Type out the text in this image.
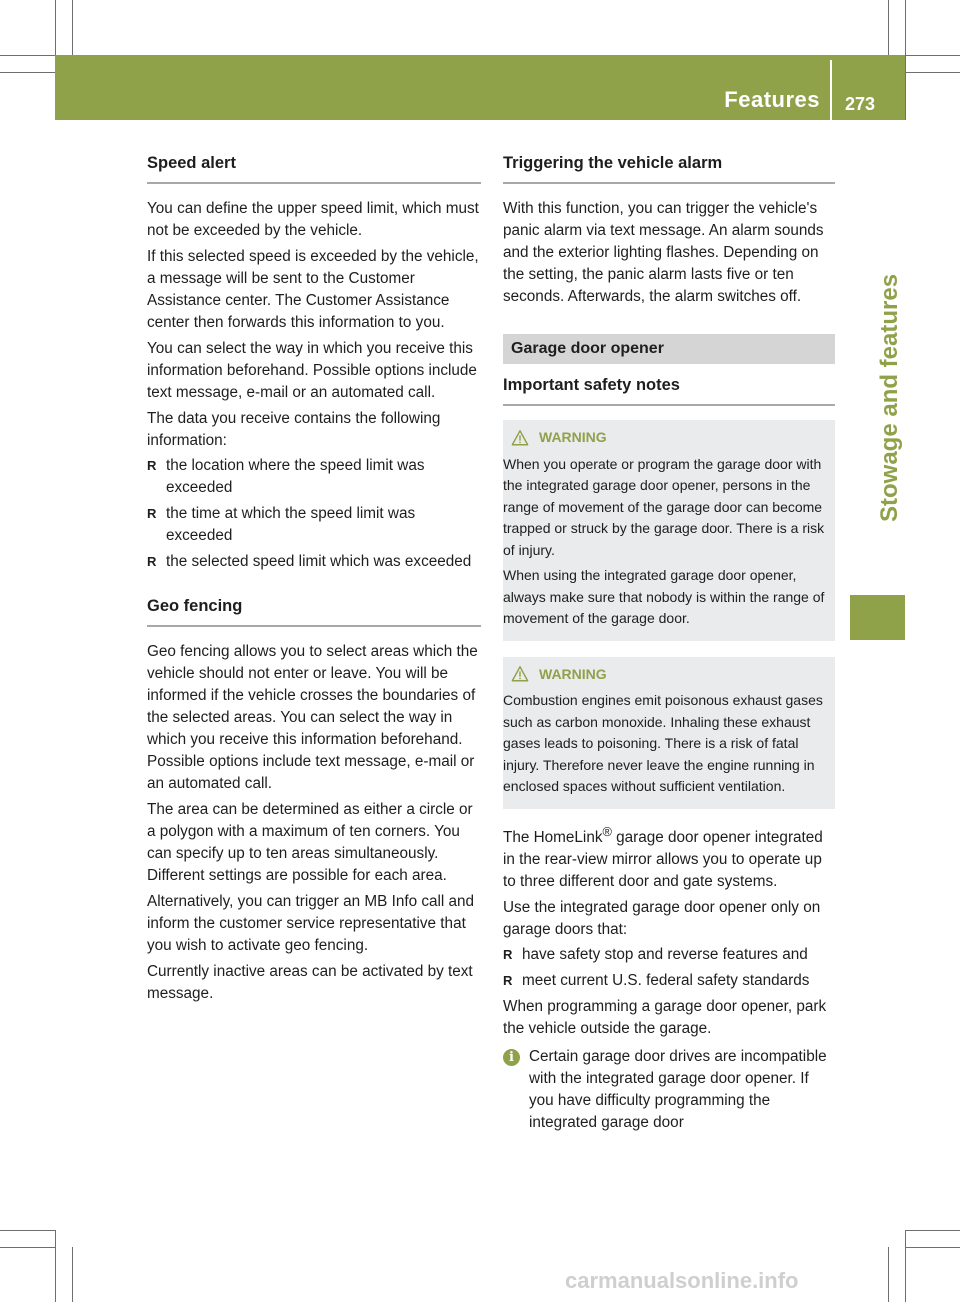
Features 273
Stowage and features
Speed alert

You can define the upper speed limit, which must not be exceeded by the vehicle.

If this selected speed is exceeded by the vehicle, a message will be sent to the Customer Assistance center. The Customer Assistance center then forwards this information to you.

You can select the way in which you receive this information beforehand. Possible options include text message, e-mail or an automated call.

The data you receive contains the following information:

R the location where the speed limit was exceeded
R the time at which the speed limit was exceeded
R the selected speed limit which was exceeded
Geo fencing

Geo fencing allows you to select areas which the vehicle should not enter or leave. You will be informed if the vehicle crosses the boundaries of the selected areas. You can select the way in which you receive this information beforehand. Possible options include text message, e-mail or an automated call.

The area can be determined as either a circle or a polygon with a maximum of ten corners. You can specify up to ten areas simultaneously. Different settings are possible for each area.

Alternatively, you can trigger an MB Info call and inform the customer service representative that you wish to activate geo fencing.

Currently inactive areas can be activated by text message.

Triggering the vehicle alarm

With this function, you can trigger the vehicle's panic alarm via text message. An alarm sounds and the exterior lighting flashes. Depending on the setting, the panic alarm lasts five or ten seconds. Afterwards, the alarm switches off.

Garage door opener
Important safety notes
WARNING

When you operate or program the garage door with the integrated garage door opener, persons in the range of movement of the garage door can become trapped or struck by the garage door. There is a risk of injury.

When using the integrated garage door opener, always make sure that nobody is within the range of movement of the garage door.

WARNING

Combustion engines emit poisonous exhaust gases such as carbon monoxide. Inhaling these exhaust gases leads to poisoning. There is a risk of fatal injury. Therefore never leave the engine running in enclosed spaces without sufficient ventilation.

The HomeLink® garage door opener integrated in the rear-view mirror allows you to operate up to three different door and gate systems.

Use the integrated garage door opener only on garage doors that:

R have safety stop and reverse features and
R meet current U.S. federal safety standards

When programming a garage door opener, park the vehicle outside the garage.

i Certain garage door drives are incompatible with the integrated garage door opener. If you have difficulty programming the integrated garage door
carmanualsonline.info
